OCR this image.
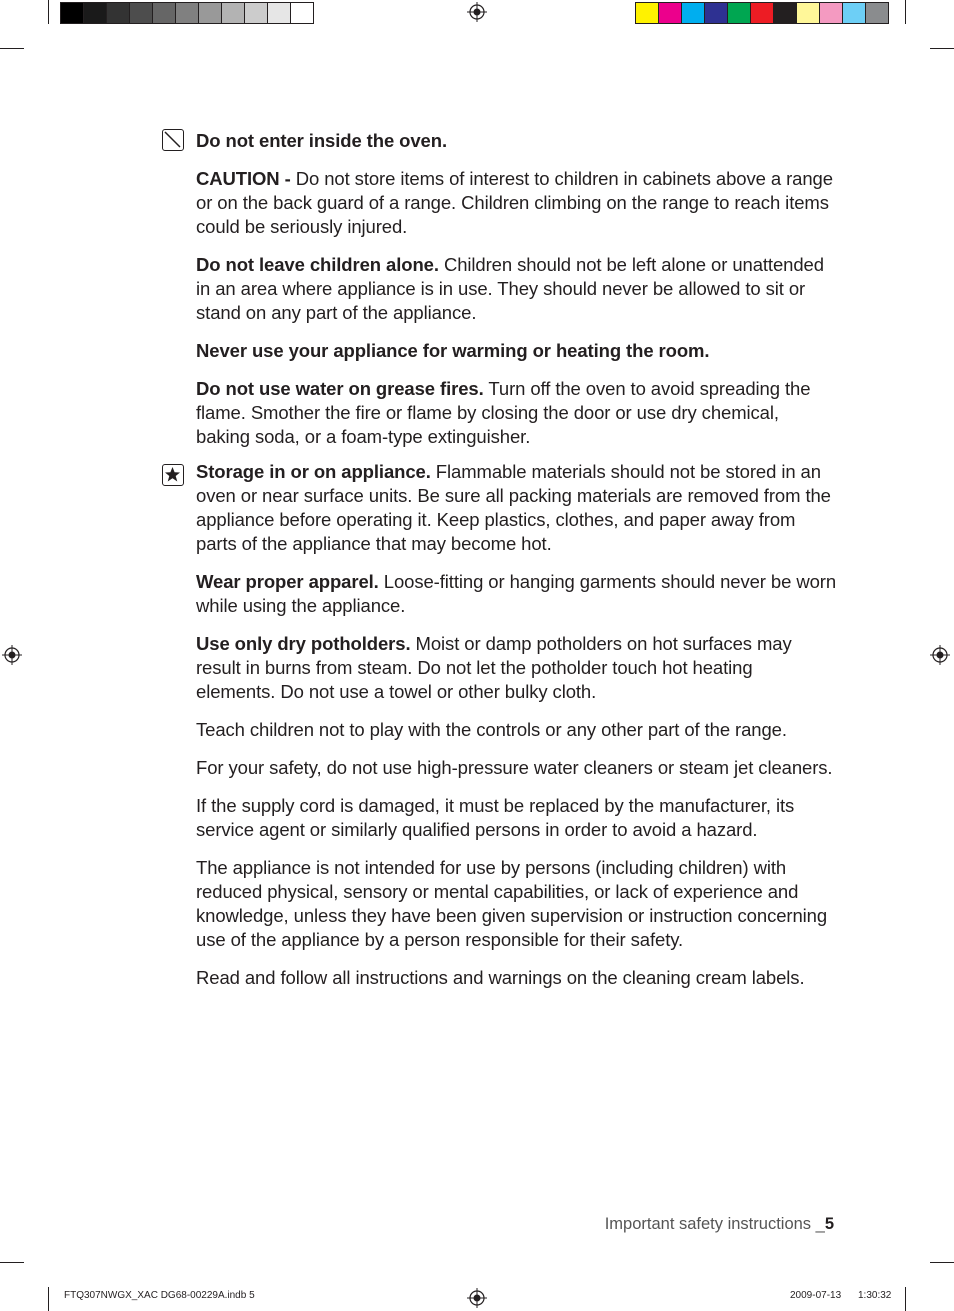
Do not enter inside the oven.

CAUTION - Do not store items of interest to children in cabinets above a range or on the back guard of a range. Children climbing on the range to reach items could be seriously injured.

Do not leave children alone. Children should not be left alone or unattended in an area where appliance is in use. They should never be allowed to sit or stand on any part of the appliance.

Never use your appliance for warming or heating the room.

Do not use water on grease fires. Turn off the oven to avoid spreading the flame. Smother the fire or flame by closing the door or use dry chemical, baking soda, or a foam-type extinguisher.

Storage in or on appliance. Flammable materials should not be stored in an oven or near surface units. Be sure all packing materials are removed from the appliance before operating it. Keep plastics, clothes, and paper away from parts of the appliance that may become hot.

Wear proper apparel. Loose-fitting or hanging garments should never be worn while using the appliance.

Use only dry potholders. Moist or damp potholders on hot surfaces may result in burns from steam. Do not let the potholder touch hot heating elements. Do not use a towel or other bulky cloth.

Teach children not to play with the controls or any other part of the range.

For your safety, do not use high-pressure water cleaners or steam jet cleaners.

If the supply cord is damaged, it must be replaced by the manufacturer, its service agent or similarly qualified persons in order to avoid a hazard.

The appliance is not intended for use by persons (including children) with reduced physical, sensory or mental capabilities, or lack of experience and knowledge, unless they have been given supervision or instruction concerning use of the appliance by a person responsible for their safety.

Read and follow all instructions and warnings on the cleaning cream labels.

Important safety instructions _5
FTQ307NWGX_XAC DG68-00229A.indb 5	2009-07-13 1:30:32
